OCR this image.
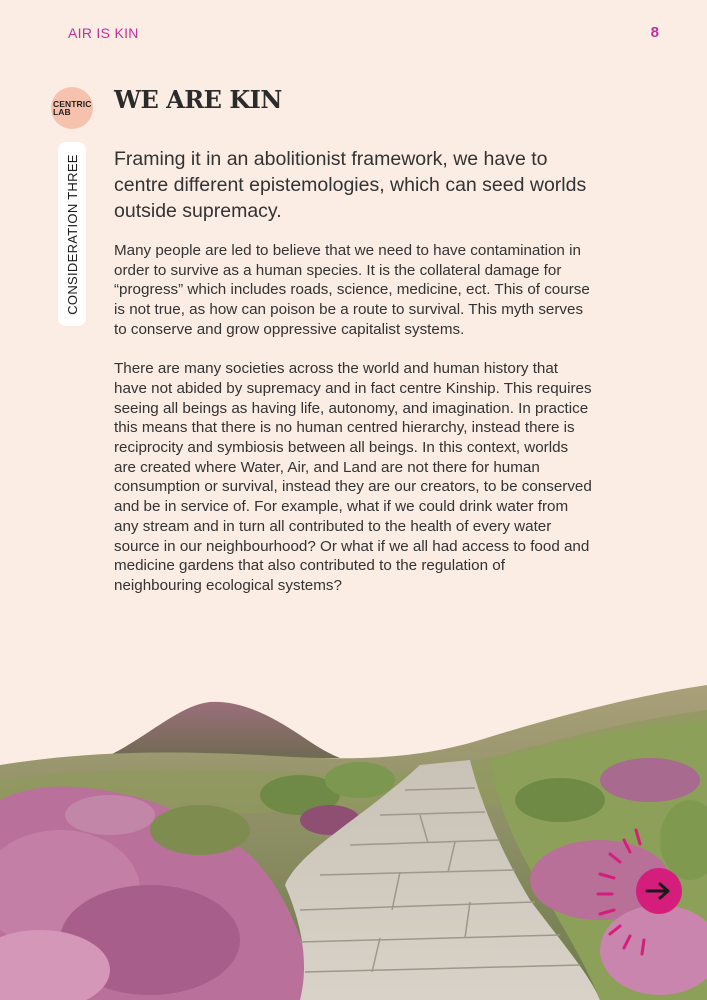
AIR IS KIN	8
CENTRIC
LAB
CONSIDERATION THREE
WE ARE KIN

Framing it in an abolitionist framework, we have to centre different epistemologies, which can seed worlds outside supremacy.

Many people are led to believe that we need to have contamination in order to survive as a human species. It is the collateral damage for “progress” which includes roads, science, medicine, ect. This of course is not true, as how can poison be a route to survival. This myth serves to conserve and grow oppressive capitalist systems.

There are many societies across the world and human history that have not abided by supremacy and in fact centre Kinship. This requires seeing all beings as having life, autonomy, and imagination. In practice this means that there is no human centred hierarchy, instead there is reciprocity and symbiosis between all beings. In this context, worlds are created where Water, Air, and Land are not there for human consumption or survival, instead they are our creators, to be conserved and be in service of. For example, what if we could drink water from any stream and in turn all contributed to the health of every water source in our neighbourhood? Or what if we all had access to food and medicine gardens that also contributed to the regulation of neighbouring ecological systems?
